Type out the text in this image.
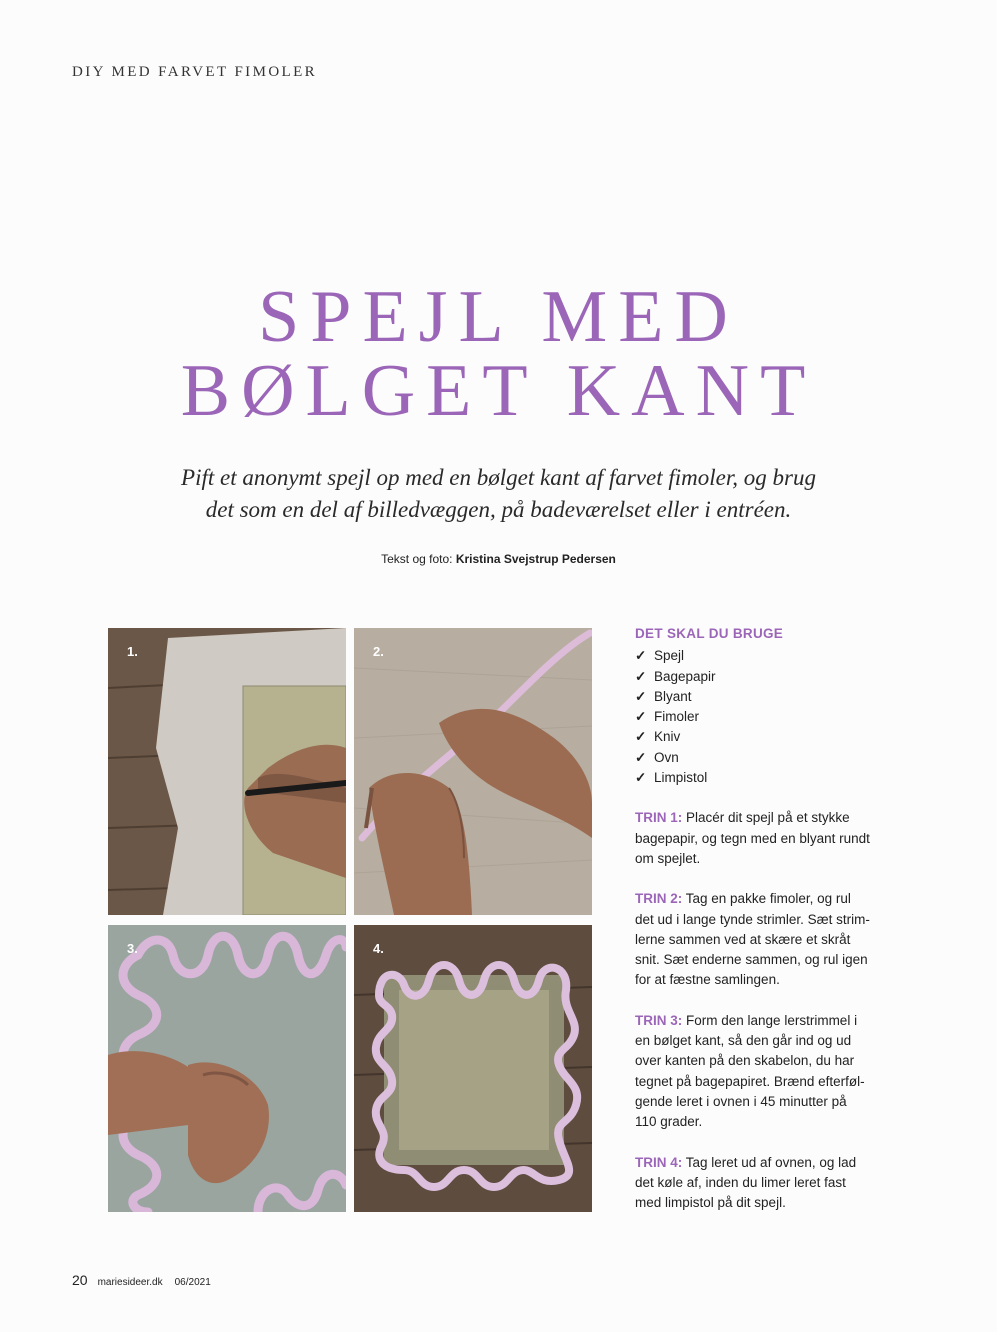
DIY MED FARVET FIMOLER
SPEJL MED
BØLGET KANT

Pift et anonymt spejl op med en bølget kant af farvet fimoler, og brug
det som en del af billedvæggen, på badeværelset eller i entréen.

Tekst og foto: Kristina Svejstrup Pedersen
1.	2.
3.	4.
DET SKAL DU BRUGE
✓ Spejl
✓ Bagepapir
✓ Blyant
✓ Fimoler
✓ Kniv
✓ Ovn
✓ Limpistol
TRIN 1: Placér dit spejl på et stykke
bagepapir, og tegn med en blyant rundt
om spejlet.
TRIN 2: Tag en pakke fimoler, og rul
det ud i lange tynde strimler. Sæt strim-
lerne sammen ved at skære et skråt
snit. Sæt enderne sammen, og rul igen
for at fæstne samlingen.
TRIN 3: Form den lange lerstrimmel i
en bølget kant, så den går ind og ud
over kanten på den skabelon, du har
tegnet på bagepapiret. Brænd efterføl-
gende leret i ovnen i 45 minutter på
110 grader.
TRIN 4: Tag leret ud af ovnen, og lad
det køle af, inden du limer leret fast
med limpistol på dit spejl.
20 mariesideer.dk 06/2021
